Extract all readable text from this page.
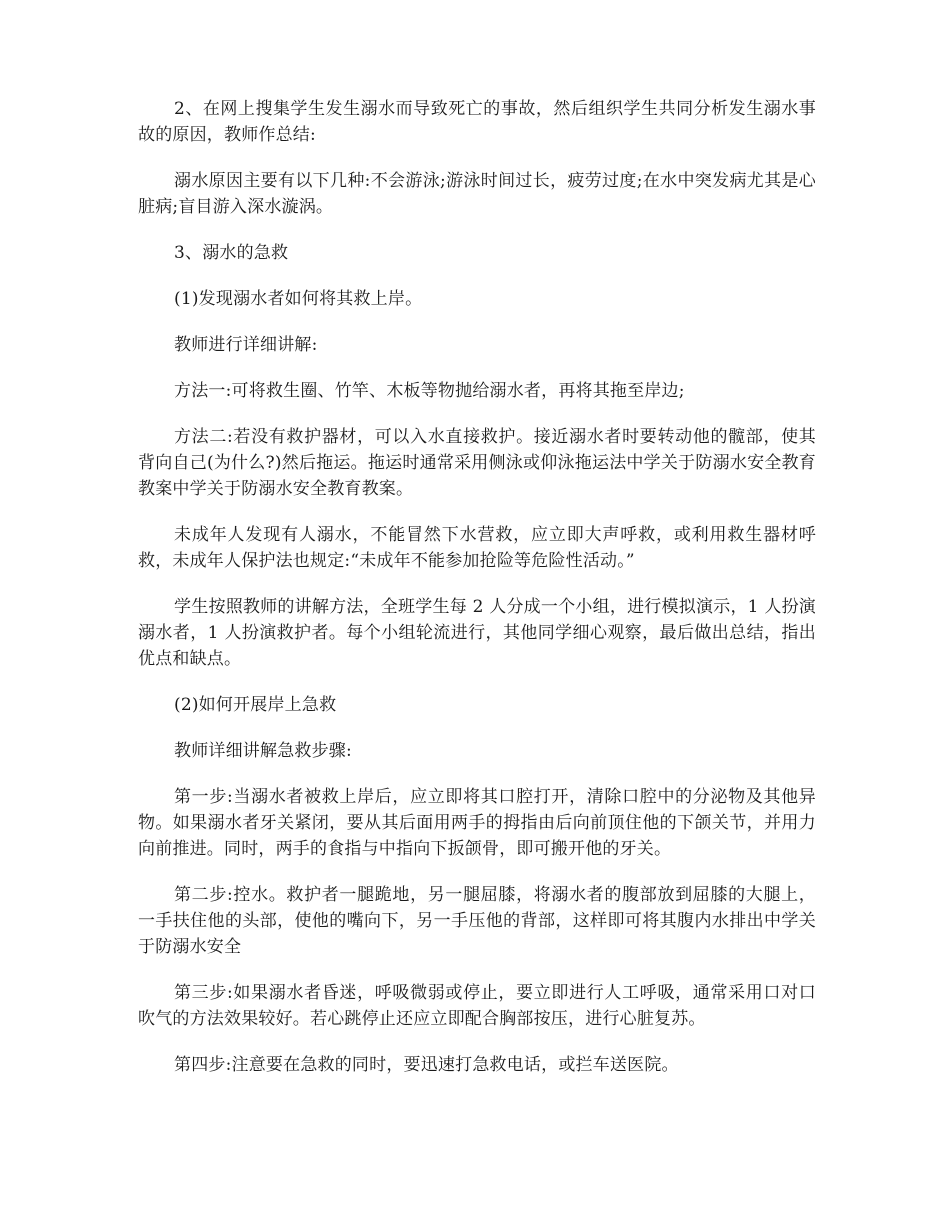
2、在网上搜集学生发生溺水而导致死亡的事故，然后组织学生共同分析发生溺水事故的原因，教师作总结:

溺水原因主要有以下几种:不会游泳;游泳时间过长，疲劳过度;在水中突发病尤其是心脏病;盲目游入深水漩涡。

3、溺水的急救

(1)发现溺水者如何将其救上岸。

教师进行详细讲解:

方法一:可将救生圈、竹竿、木板等物抛给溺水者，再将其拖至岸边;

方法二:若没有救护器材，可以入水直接救护。接近溺水者时要转动他的髋部，使其背向自己(为什么?)然后拖运。拖运时通常采用侧泳或仰泳拖运法中学关于防溺水安全教育教案中学关于防溺水安全教育教案。

未成年人发现有人溺水，不能冒然下水营救，应立即大声呼救，或利用救生器材呼救，未成年人保护法也规定:“未成年不能参加抢险等危险性活动。”

学生按照教师的讲解方法，全班学生每 2 人分成一个小组，进行模拟演示，1 人扮演溺水者，1 人扮演救护者。每个小组轮流进行，其他同学细心观察，最后做出总结，指出优点和缺点。

(2)如何开展岸上急救

教师详细讲解急救步骤:

第一步:当溺水者被救上岸后，应立即将其口腔打开，清除口腔中的分泌物及其他异物。如果溺水者牙关紧闭，要从其后面用两手的拇指由后向前顶住他的下颌关节，并用力向前推进。同时，两手的食指与中指向下扳颌骨，即可搬开他的牙关。

第二步:控水。救护者一腿跪地，另一腿屈膝，将溺水者的腹部放到屈膝的大腿上，一手扶住他的头部，使他的嘴向下，另一手压他的背部，这样即可将其腹内水排出中学关于防溺水安全

第三步:如果溺水者昏迷，呼吸微弱或停止，要立即进行人工呼吸，通常采用口对口吹气的方法效果较好。若心跳停止还应立即配合胸部按压，进行心脏复苏。

第四步:注意要在急救的同时，要迅速打急救电话，或拦车送医院。
